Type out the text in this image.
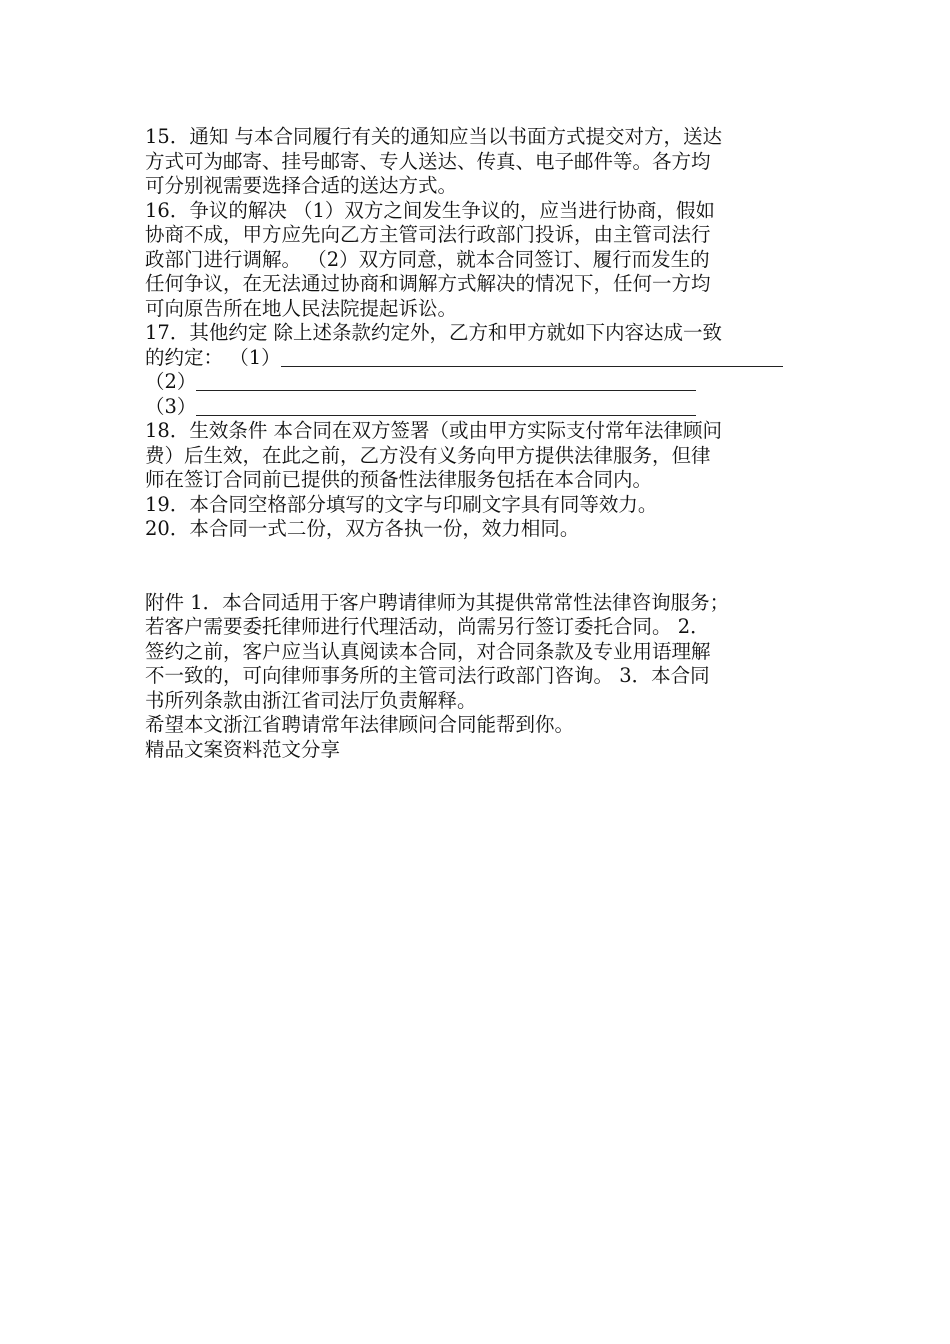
15．通知 与本合同履行有关的通知应当以书面方式提交对方，送达
方式可为邮寄、挂号邮寄、专人送达、传真、电子邮件等。各方均
可分别视需要选择合适的送达方式。
16．争议的解决 （1）双方之间发生争议的，应当进行协商，假如
协商不成，甲方应先向乙方主管司法行政部门投诉，由主管司法行
政部门进行调解。 （2）双方同意，就本合同签订、履行而发生的
任何争议，在无法通过协商和调解方式解决的情况下，任何一方均
可向原告所在地人民法院提起诉讼。
17．其他约定 除上述条款约定外，乙方和甲方就如下内容达成一致
的约定： （1）
（2）
（3）
18．生效条件 本合同在双方签署（或由甲方实际支付常年法律顾问
费）后生效，在此之前，乙方没有义务向甲方提供法律服务，但律
师在签订合同前已提供的预备性法律服务包括在本合同内。
19．本合同空格部分填写的文字与印刷文字具有同等效力。
20．本合同一式二份，双方各执一份，效力相同。
附件 1．本合同适用于客户聘请律师为其提供常常性法律咨询服务；
若客户需要委托律师进行代理活动，尚需另行签订委托合同。 2．
签约之前，客户应当认真阅读本合同，对合同条款及专业用语理解
不一致的，可向律师事务所的主管司法行政部门咨询。 3．本合同
书所列条款由浙江省司法厅负责解释。
希望本文浙江省聘请常年法律顾问合同能帮到你。
精品文案资料范文分享
